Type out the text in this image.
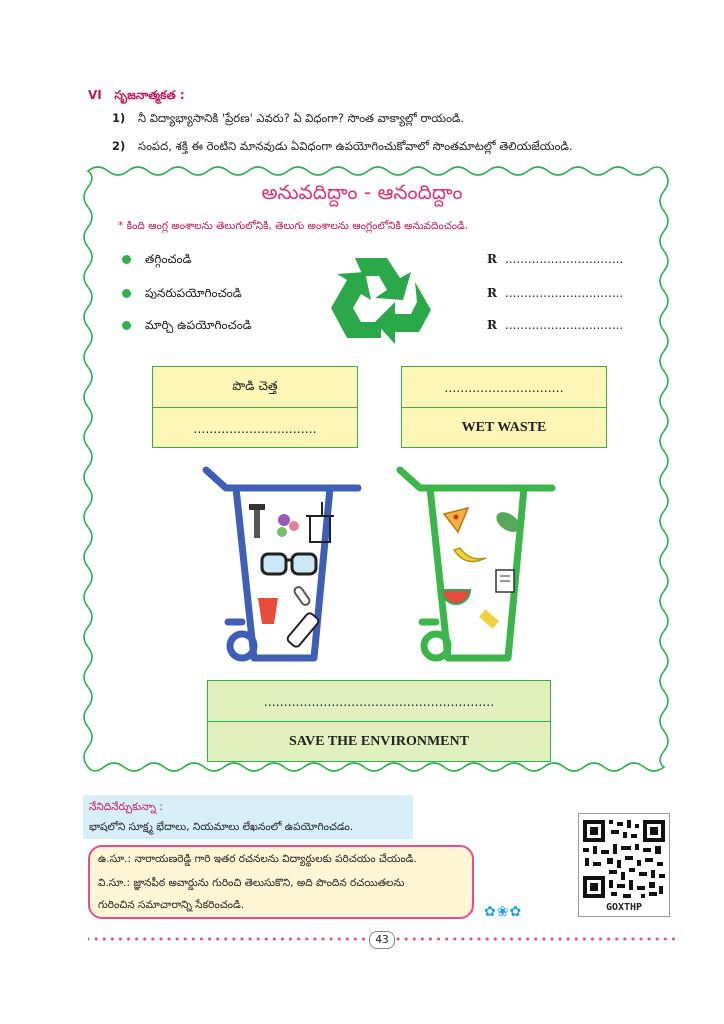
VI సృజనాత్మకత :
1) నీ విద్యాభ్యాసానికి 'ప్రేరణ' ఎవరు? ఏ విధంగా? సొంత వాక్యాల్లో రాయండి.
2) సంపద, శక్తి ఈ రెంటిని మానవుడు ఏవిధంగా ఉపయోగించుకోవాలో సొంతమాటల్లో తెలియజేయండి.
అనువదిద్దాం - ఆనందిద్దాం
* కింది ఆంగ్ల అంశాలను తెలుగులోనికి, తెలుగు అంశాలను ఆంగ్లంలోనికి అనువదించండి.
తగ్గించండి
పునరుపయోగించండి
మార్చి ఉపయోగించండి
R ...............................
R ...............................
R ...............................
పొడి చెత్త
...............................
..............................
WET WASTE
..........................................................
SAVE THE ENVIRONMENT
నేనిదినేర్చుకున్నా :
భాషలోని సూక్ష్మ భేదాలు, నియమాలు లేఖనంలో ఉపయోగించడం.
ఉ.సూ.: నారాయణరెడ్డి గారి ఇతర రచనలను విద్యార్థులకు పరిచయం చేయండి.
వి.సూ.: జ్ఞానపీఠ అవార్డును గురించి తెలుసుకొని, అది పొందిన రచయితలను
గురించిన సమాచారాన్ని సేకరించండి.	✿❀✿	GOXTHP
43
